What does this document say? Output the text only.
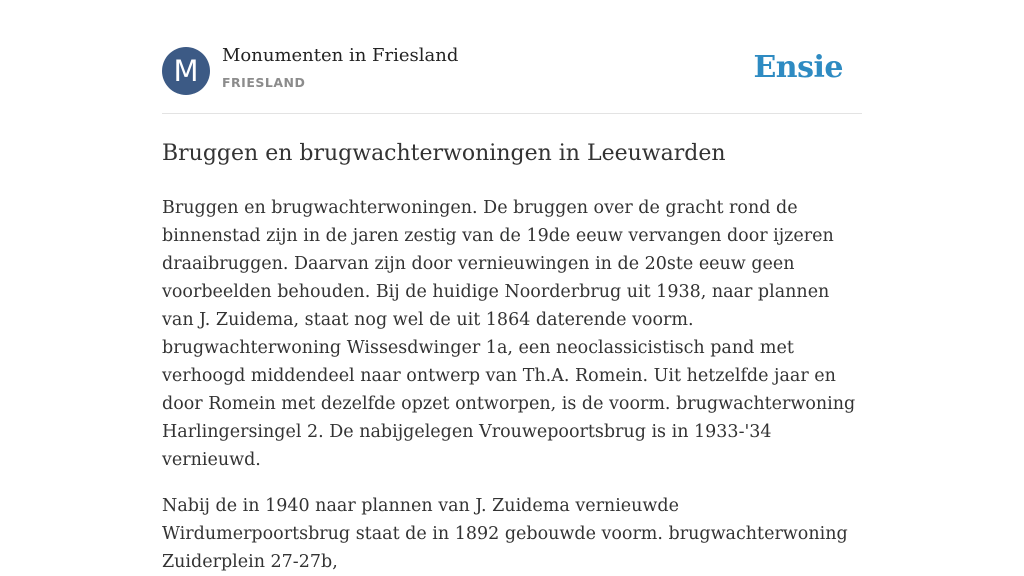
M	Monumenten in Friesland
FRIESLAND	Ensie
Bruggen en brugwachterwoningen in Leeuwarden

Bruggen en brugwachterwoningen. De bruggen over de gracht rond de binnenstad zijn in de jaren zestig van de 19de eeuw vervangen door ijzeren draaibruggen. Daarvan zijn door vernieuwingen in de 20ste eeuw geen voorbeelden behouden. Bij de huidige Noorderbrug uit 1938, naar plannen van J. Zuidema, staat nog wel de uit 1864 daterende voorm. brugwachterwoning Wissesdwinger 1a, een neoclassicistisch pand met verhoogd middendeel naar ontwerp van Th.A. Romein. Uit hetzelfde jaar en door Romein met dezelfde opzet ontworpen, is de voorm. brugwachterwoning Harlingersingel 2. De nabijgelegen Vrouwepoortsbrug is in 1933-'34 vernieuwd.

Nabij de in 1940 naar plannen van J. Zuidema vernieuwde Wirdumerpoortsbrug staat de in 1892 gebouwde voorm. brugwachterwoning Zuiderplein 27-27b,
